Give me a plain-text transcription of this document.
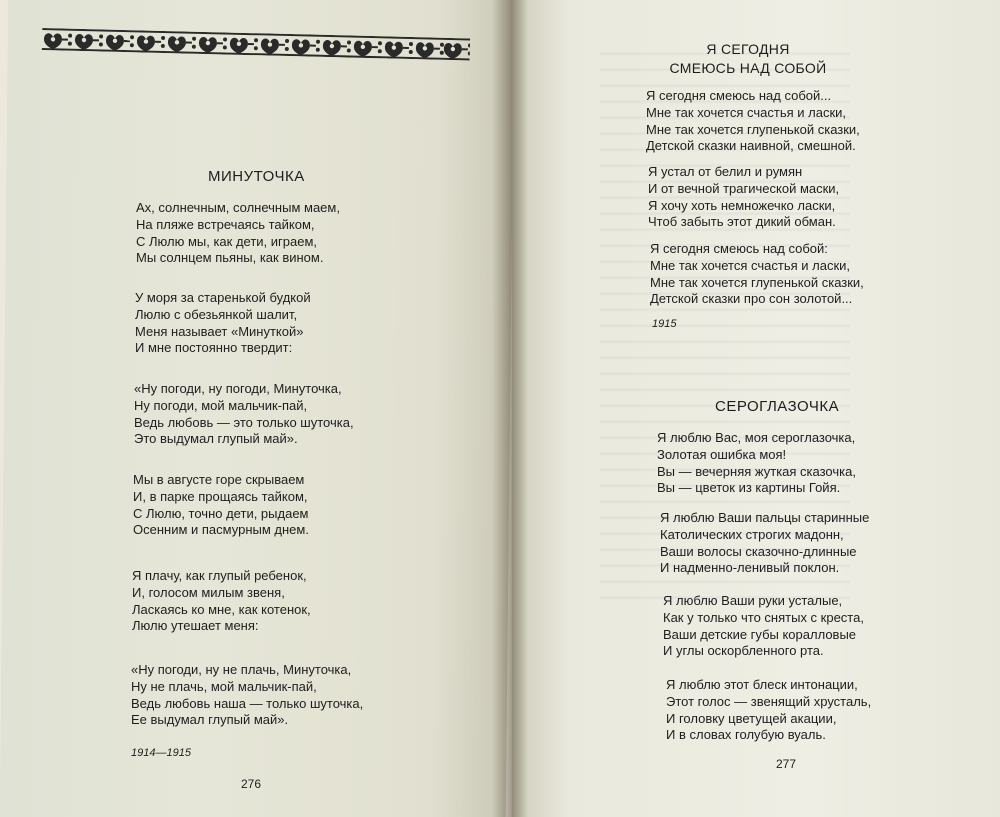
МИНУТОЧКА
Ах, солнечным, солнечным маем,
На пляже встречаясь тайком,
С Люлю мы, как дети, играем,
Мы солнцем пьяны, как вином.
У моря за старенькой будкой
Люлю с обезьянкой шалит,
Меня называет «Минуткой»
И мне постоянно твердит:
«Ну погоди, ну погоди, Минуточка,
Ну погоди, мой мальчик-пай,
Ведь любовь — это только шуточка,
Это выдумал глупый май».
Мы в августе горе скрываем
И, в парке прощаясь тайком,
С Люлю, точно дети, рыдаем
Осенним и пасмурным днем.
Я плачу, как глупый ребенок,
И, голосом милым звеня,
Ласкаясь ко мне, как котенок,
Люлю утешает меня:
«Ну погоди, ну не плачь, Минуточка,
Ну не плачь, мой мальчик-пай,
Ведь любовь наша — только шуточка,
Ее выдумал глупый май».
1914—1915
276
Я СЕГОДНЯ
СМЕЮСЬ НАД СОБОЙ
Я сегодня смеюсь над собой...
Мне так хочется счастья и ласки,
Мне так хочется глупенькой сказки,
Детской сказки наивной, смешной.
Я устал от белил и румян
И от вечной трагической маски,
Я хочу хоть немножечко ласки,
Чтоб забыть этот дикий обман.
Я сегодня смеюсь над собой:
Мне так хочется счастья и ласки,
Мне так хочется глупенькой сказки,
Детской сказки про сон золотой...
1915
СЕРОГЛАЗОЧКА
Я люблю Вас, моя сероглазочка,
Золотая ошибка моя!
Вы — вечерняя жуткая сказочка,
Вы — цветок из картины Гойя.
Я люблю Ваши пальцы старинные
Католических строгих мадонн,
Ваши волосы сказочно-длинные
И надменно-ленивый поклон.
Я люблю Ваши руки усталые,
Как у только что снятых с креста,
Ваши детские губы коралловые
И углы оскорбленного рта.
Я люблю этот блеск интонации,
Этот голос — звенящий хрусталь,
И головку цветущей акации,
И в словах голубую вуаль.
277
